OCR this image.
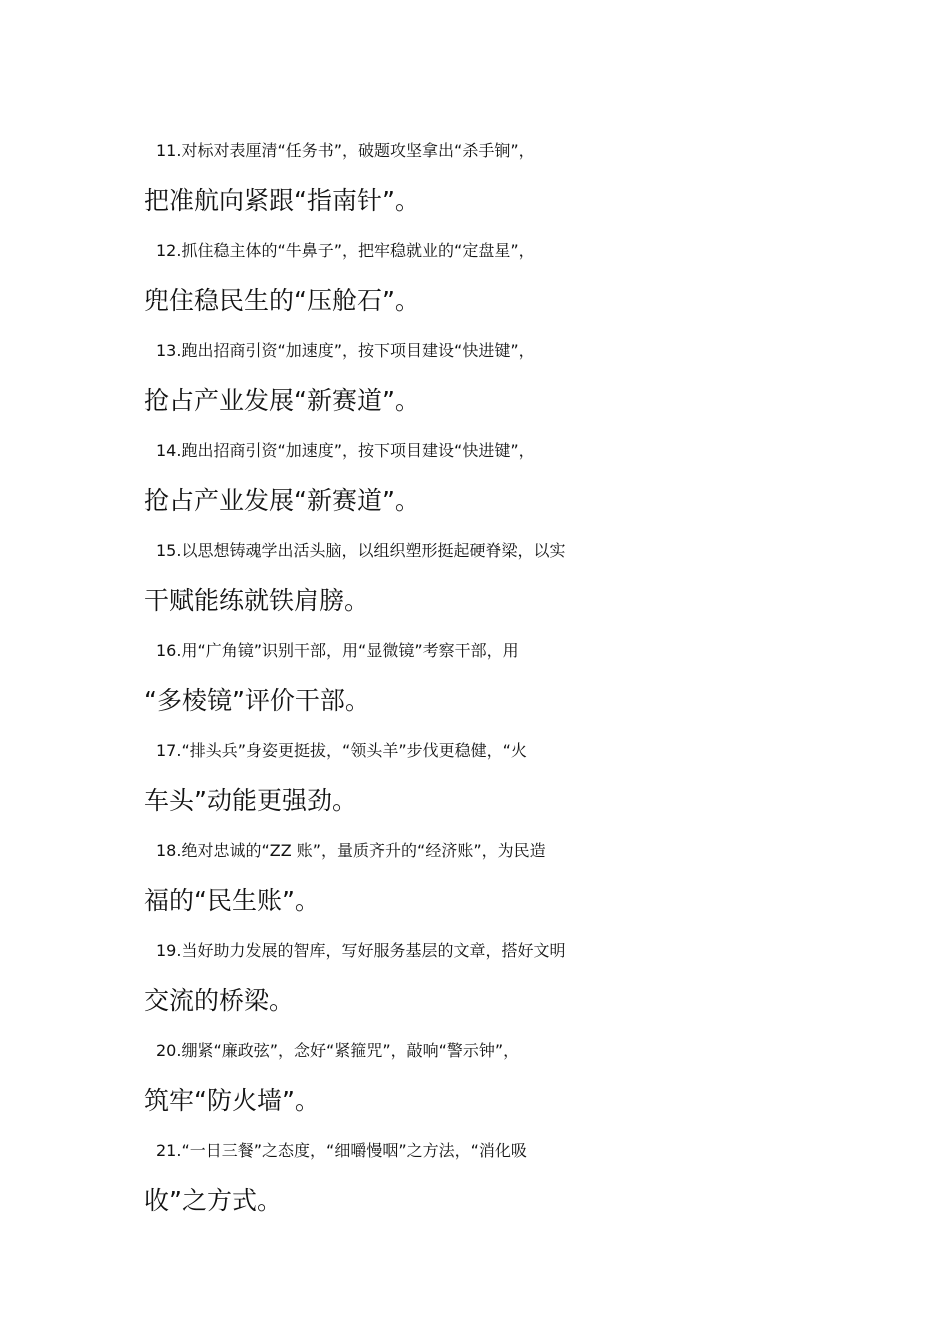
11.对标对表厘清“任务书”，破题攻坚拿出“杀手锏”，
把准航向紧跟“指南针”。
12.抓住稳主体的“牛鼻子”，把牢稳就业的“定盘星”，
兜住稳民生的“压舱石”。
13.跑出招商引资“加速度”，按下项目建设“快进键”，
抢占产业发展“新赛道”。
14.跑出招商引资“加速度”，按下项目建设“快进键”，
抢占产业发展“新赛道”。
15.以思想铸魂学出活头脑，以组织塑形挺起硬脊梁，以实
干赋能练就铁肩膀。
16.用“广角镜”识别干部，用“显微镜”考察干部，用
“多棱镜”评价干部。
17.“排头兵”身姿更挺拔，“领头羊”步伐更稳健，“火
车头”动能更强劲。
18.绝对忠诚的“ZZ 账”，量质齐升的“经济账”，为民造
福的“民生账”。
19.当好助力发展的智库，写好服务基层的文章，搭好文明
交流的桥梁。
20.绷紧“廉政弦”，念好“紧箍咒”，敲响“警示钟”，
筑牢“防火墙”。
21.“一日三餐”之态度，“细嚼慢咽”之方法，“消化吸
收”之方式。
